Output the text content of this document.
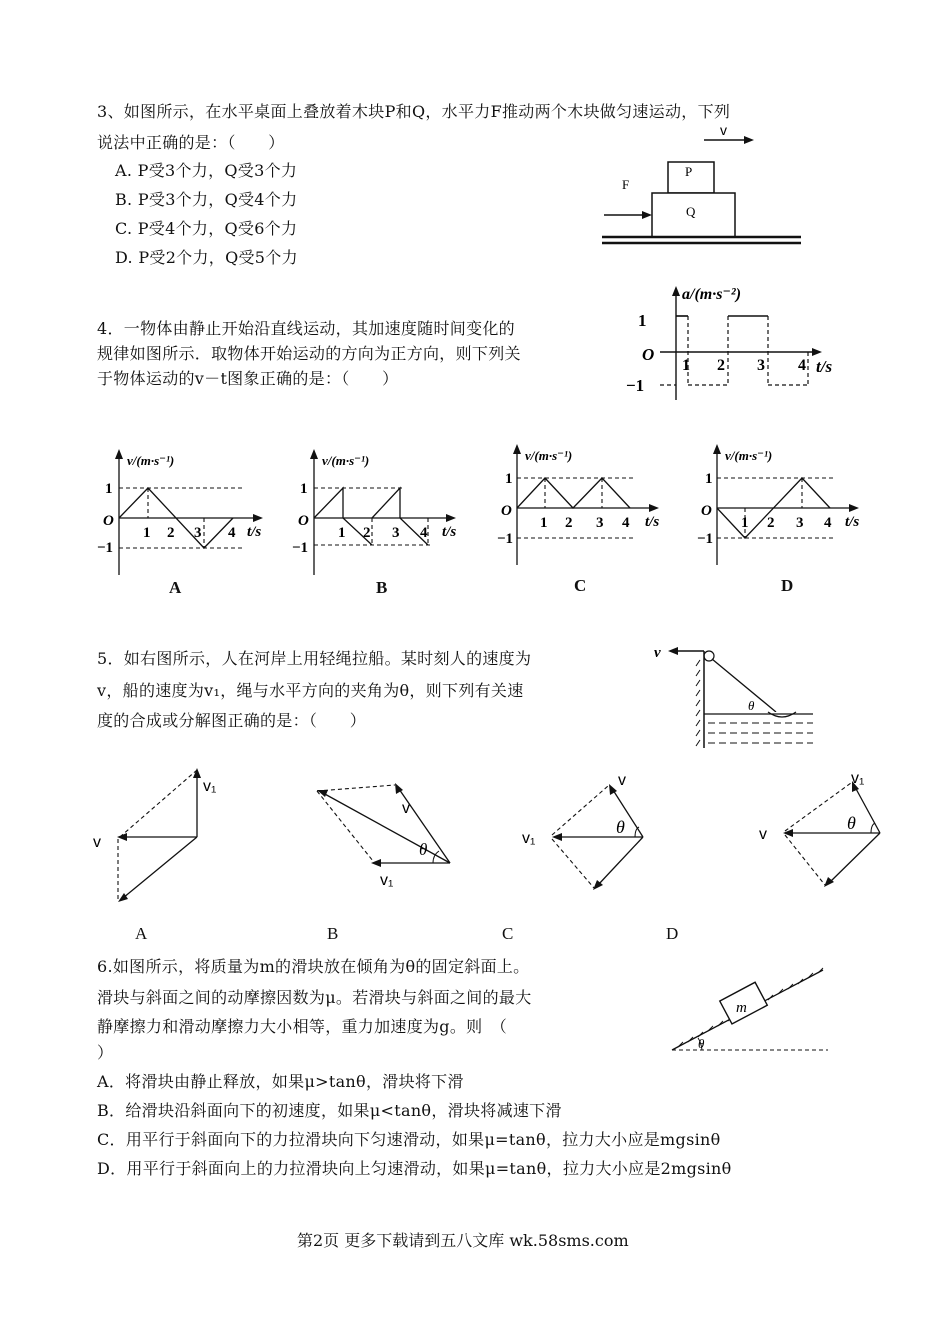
3、如图所示，在水平桌面上叠放着木块P和Q，水平力F推动两个木块做匀速运动，下列
说法中正确的是：（　　）
A. P受3个力，Q受3个力
B. P受3个力，Q受4个力
C. P受4个力，Q受6个力
D. P受2个力，Q受5个力
v
P
Q
F
4．一物体由静止开始沿直线运动，其加速度随时间变化的
规律如图所示．取物体开始运动的方向为正方向，则下列关
于物体运动的v－t图象正确的是：（　　）
a/(m·s⁻²)
t/s
O
1
−1
1 2 3 4
v/(m·s⁻¹)
t/s
O
1
−1
1 2 3 4
A
v/(m·s⁻¹)
t/s
O
1
−1
1 2 3 4
B
v/(m·s⁻¹)
t/s
O
1
−1
1 2 3 4
C
v/(m·s⁻¹)
t/s
O
1
−1
1 2 3 4
D
5．如右图所示，人在河岸上用轻绳拉船。某时刻人的速度为
v，船的速度为v₁，绳与水平方向的夹角为θ，则下列有关速
度的合成或分解图正确的是：（　　）
v
θ
v₁
v
A
v
v₁
θ
B
v
v₁
θ
C
v₁
v
θ
D
6.如图所示，将质量为m的滑块放在倾角为θ的固定斜面上。
滑块与斜面之间的动摩擦因数为μ。若滑块与斜面之间的最大
静摩擦力和滑动摩擦力大小相等，重力加速度为g。则　（
）
A．将滑块由静止释放，如果μ>tanθ，滑块将下滑
B．给滑块沿斜面向下的初速度，如果μ<tanθ，滑块将减速下滑
C．用平行于斜面向下的力拉滑块向下匀速滑动，如果μ=tanθ，拉力大小应是mgsinθ
D．用平行于斜面向上的力拉滑块向上匀速滑动，如果μ=tanθ，拉力大小应是2mgsinθ
m
θ
第2页 更多下载请到五八文库 wk.58sms.com
